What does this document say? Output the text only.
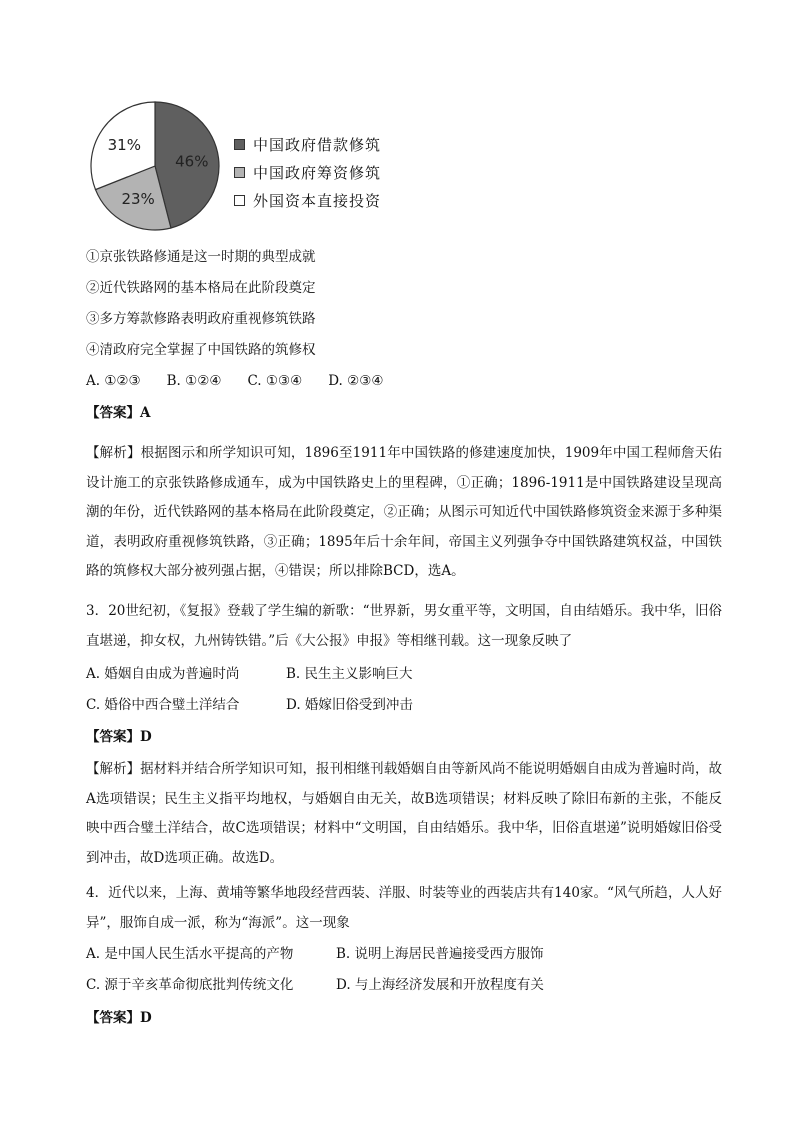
46%
23%
31%	中国政府借款修筑
中国政府筹资修筑
外国资本直接投资
①京张铁路修通是这一时期的典型成就
②近代铁路网的基本格局在此阶段奠定
③多方筹款修路表明政府重视修筑铁路
④清政府完全掌握了中国铁路的筑修权
A. ①②③ B. ①②④ C. ①③④ D. ②③④
【答案】A
【解析】根据图示和所学知识可知，1896至1911年中国铁路的修建速度加快，1909年中国工程师詹天佑设计施工的京张铁路修成通车，成为中国铁路史上的里程碑，①正确；1896-1911是中国铁路建设呈现高潮的年份，近代铁路网的基本格局在此阶段奠定，②正确；从图示可知近代中国铁路修筑资金来源于多种渠道，表明政府重视修筑铁路，③正确；1895年后十余年间，帝国主义列强争夺中国铁路建筑权益，中国铁路的筑修权大部分被列强占据，④错误；所以排除BCD，选A。
3．20世纪初，《复报》登载了学生编的新歌：“世界新，男女重平等，文明国，自由结婚乐。我中华，旧俗直堪递，抑女权，九州铸铁错。”后《大公报》申报》等相继刊载。这一现象反映了
A. 婚姻自由成为普遍时尚	B. 民生主义影响巨大
C. 婚俗中西合璧土洋结合	D. 婚嫁旧俗受到冲击
【答案】D
【解析】据材料并结合所学知识可知，报刊相继刊载婚姻自由等新风尚不能说明婚姻自由成为普遍时尚，故A选项错误；民生主义指平均地权，与婚姻自由无关，故B选项错误；材料反映了除旧布新的主张，不能反映中西合璧土洋结合，故C选项错误；材料中“文明国，自由结婚乐。我中华，旧俗直堪递”说明婚嫁旧俗受到冲击，故D选项正确。故选D。
4．近代以来，上海、黄埔等繁华地段经营西装、洋服、时装等业的西装店共有140家。“风气所趋，人人好异”，服饰自成一派，称为“海派”。这一现象
A. 是中国人民生活水平提高的产物	B. 说明上海居民普遍接受西方服饰
C. 源于辛亥革命彻底批判传统文化	D. 与上海经济发展和开放程度有关
【答案】D
